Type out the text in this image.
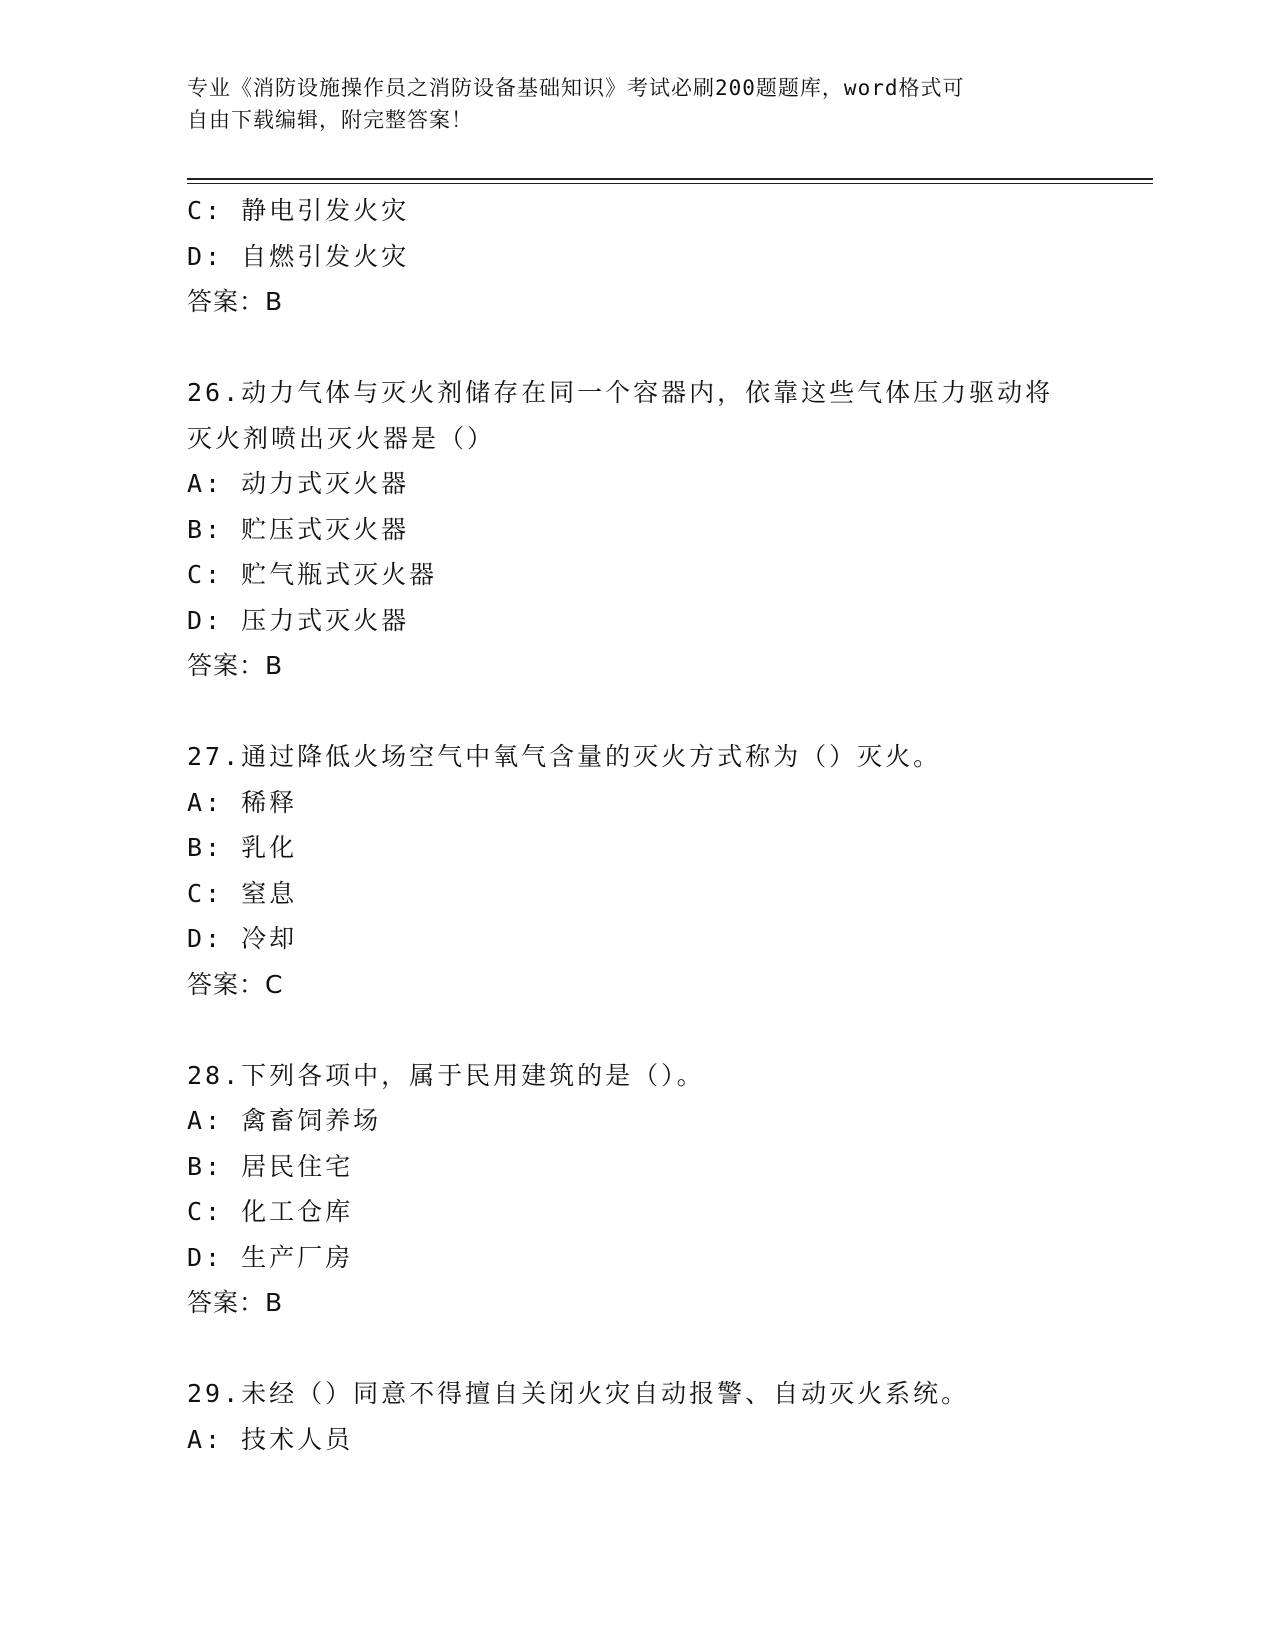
专业《消防设施操作员之消防设备基础知识》考试必刷200题题库，word格式可
自由下载编辑，附完整答案！
C: 静电引发火灾
D: 自燃引发火灾
答案：B
26.动力气体与灭火剂储存在同一个容器内，依靠这些气体压力驱动将
灭火剂喷出灭火器是（）
A: 动力式灭火器
B: 贮压式灭火器
C: 贮气瓶式灭火器
D: 压力式灭火器
答案：B
27.通过降低火场空气中氧气含量的灭火方式称为（）灭火。
A: 稀释
B: 乳化
C: 窒息
D: 冷却
答案：C
28.下列各项中，属于民用建筑的是（）。
A: 禽畜饲养场
B: 居民住宅
C: 化工仓库
D: 生产厂房
答案：B
29.未经（）同意不得擅自关闭火灾自动报警、自动灭火系统。
A: 技术人员
